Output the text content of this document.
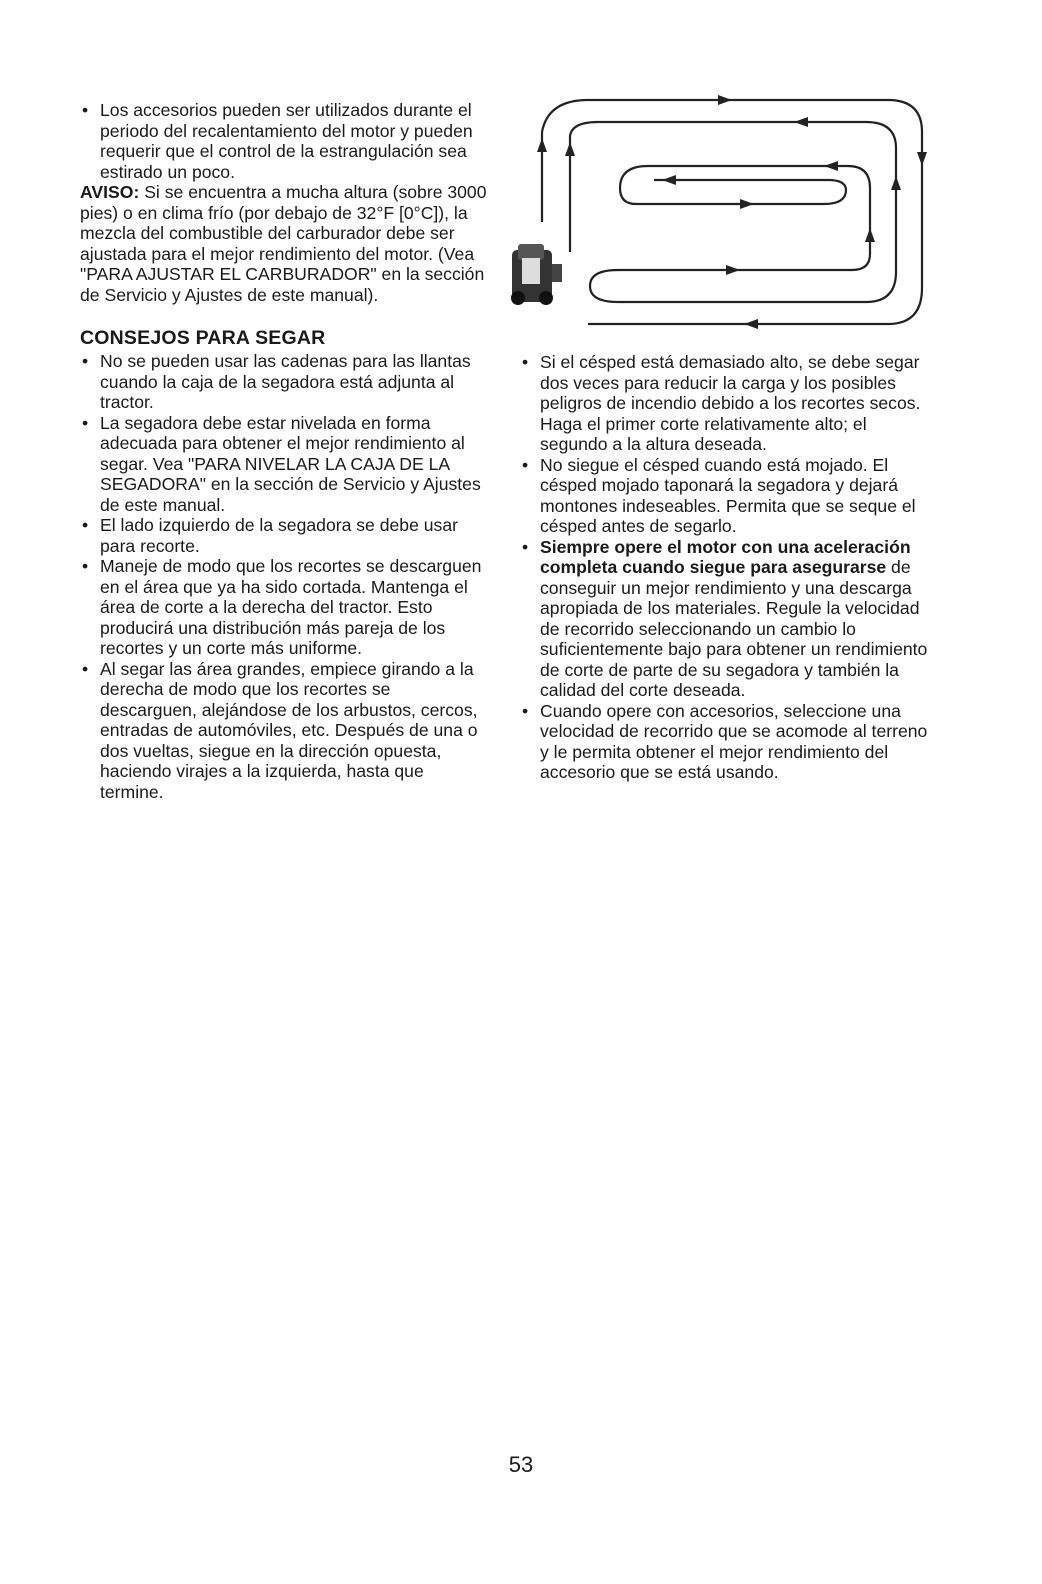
• Los accesorios pueden ser utilizados durante el periodo del recalentamiento del motor y pueden requerir que el control de la estrangulación sea estirado un poco.

AVISO: Si se encuentra a mucha altura (sobre 3000 pies) o en clima frío (por debajo de 32°F [0°C]), la mezcla del combustible del carburador debe ser ajustada para el mejor rendimiento del motor. (Vea "PARA AJUSTAR EL CARBURADOR" en la sección de Servicio y Ajustes de este manual).

CONSEJOS PARA SEGAR

• No se pueden usar las cadenas para las llantas cuando la caja de la segadora está adjunta al tractor.

• La segadora debe estar nivelada en forma adecuada para obtener el mejor rendimiento al segar. Vea "PARA NIVELAR LA CAJA DE LA SEGADORA" en la sección de Servicio y Ajustes de este manual.

• El lado izquierdo de la segadora se debe usar para recorte.

• Maneje de modo que los recortes se descarguen en el área que ya ha sido cortada. Mantenga el área de corte a la derecha del tractor. Esto producirá una distribución más pareja de los recortes y un corte más uniforme.

• Al segar las área grandes, empiece girando a la derecha de modo que los recortes se descarguen, alejándose de los arbustos, cercos, entradas de automóviles, etc. Después de una o dos vueltas, siegue en la dirección opuesta, haciendo virajes a la izquierda, hasta que termine.

• Si el césped está demasiado alto, se debe segar dos veces para reducir la carga y los posibles peligros de incendio debido a los recortes secos. Haga el primer corte relativamente alto; el segundo a la altura deseada.

• No siegue el césped cuando está mojado. El césped mojado taponará la segadora y dejará montones indeseables. Permita que se seque el césped antes de segarlo.

• Siempre opere el motor con una aceleración completa cuando siegue para asegurarse de conseguir un mejor rendimiento y una descarga apropiada de los materiales. Regule la velocidad de recorrido seleccionando un cambio lo suficientemente bajo para obtener un rendimiento de corte de parte de su segadora y también la calidad del corte deseada.

• Cuando opere con accesorios, seleccione una velocidad de recorrido que se acomode al terreno y le permita obtener el mejor rendimiento del accesorio que se está usando.

53
